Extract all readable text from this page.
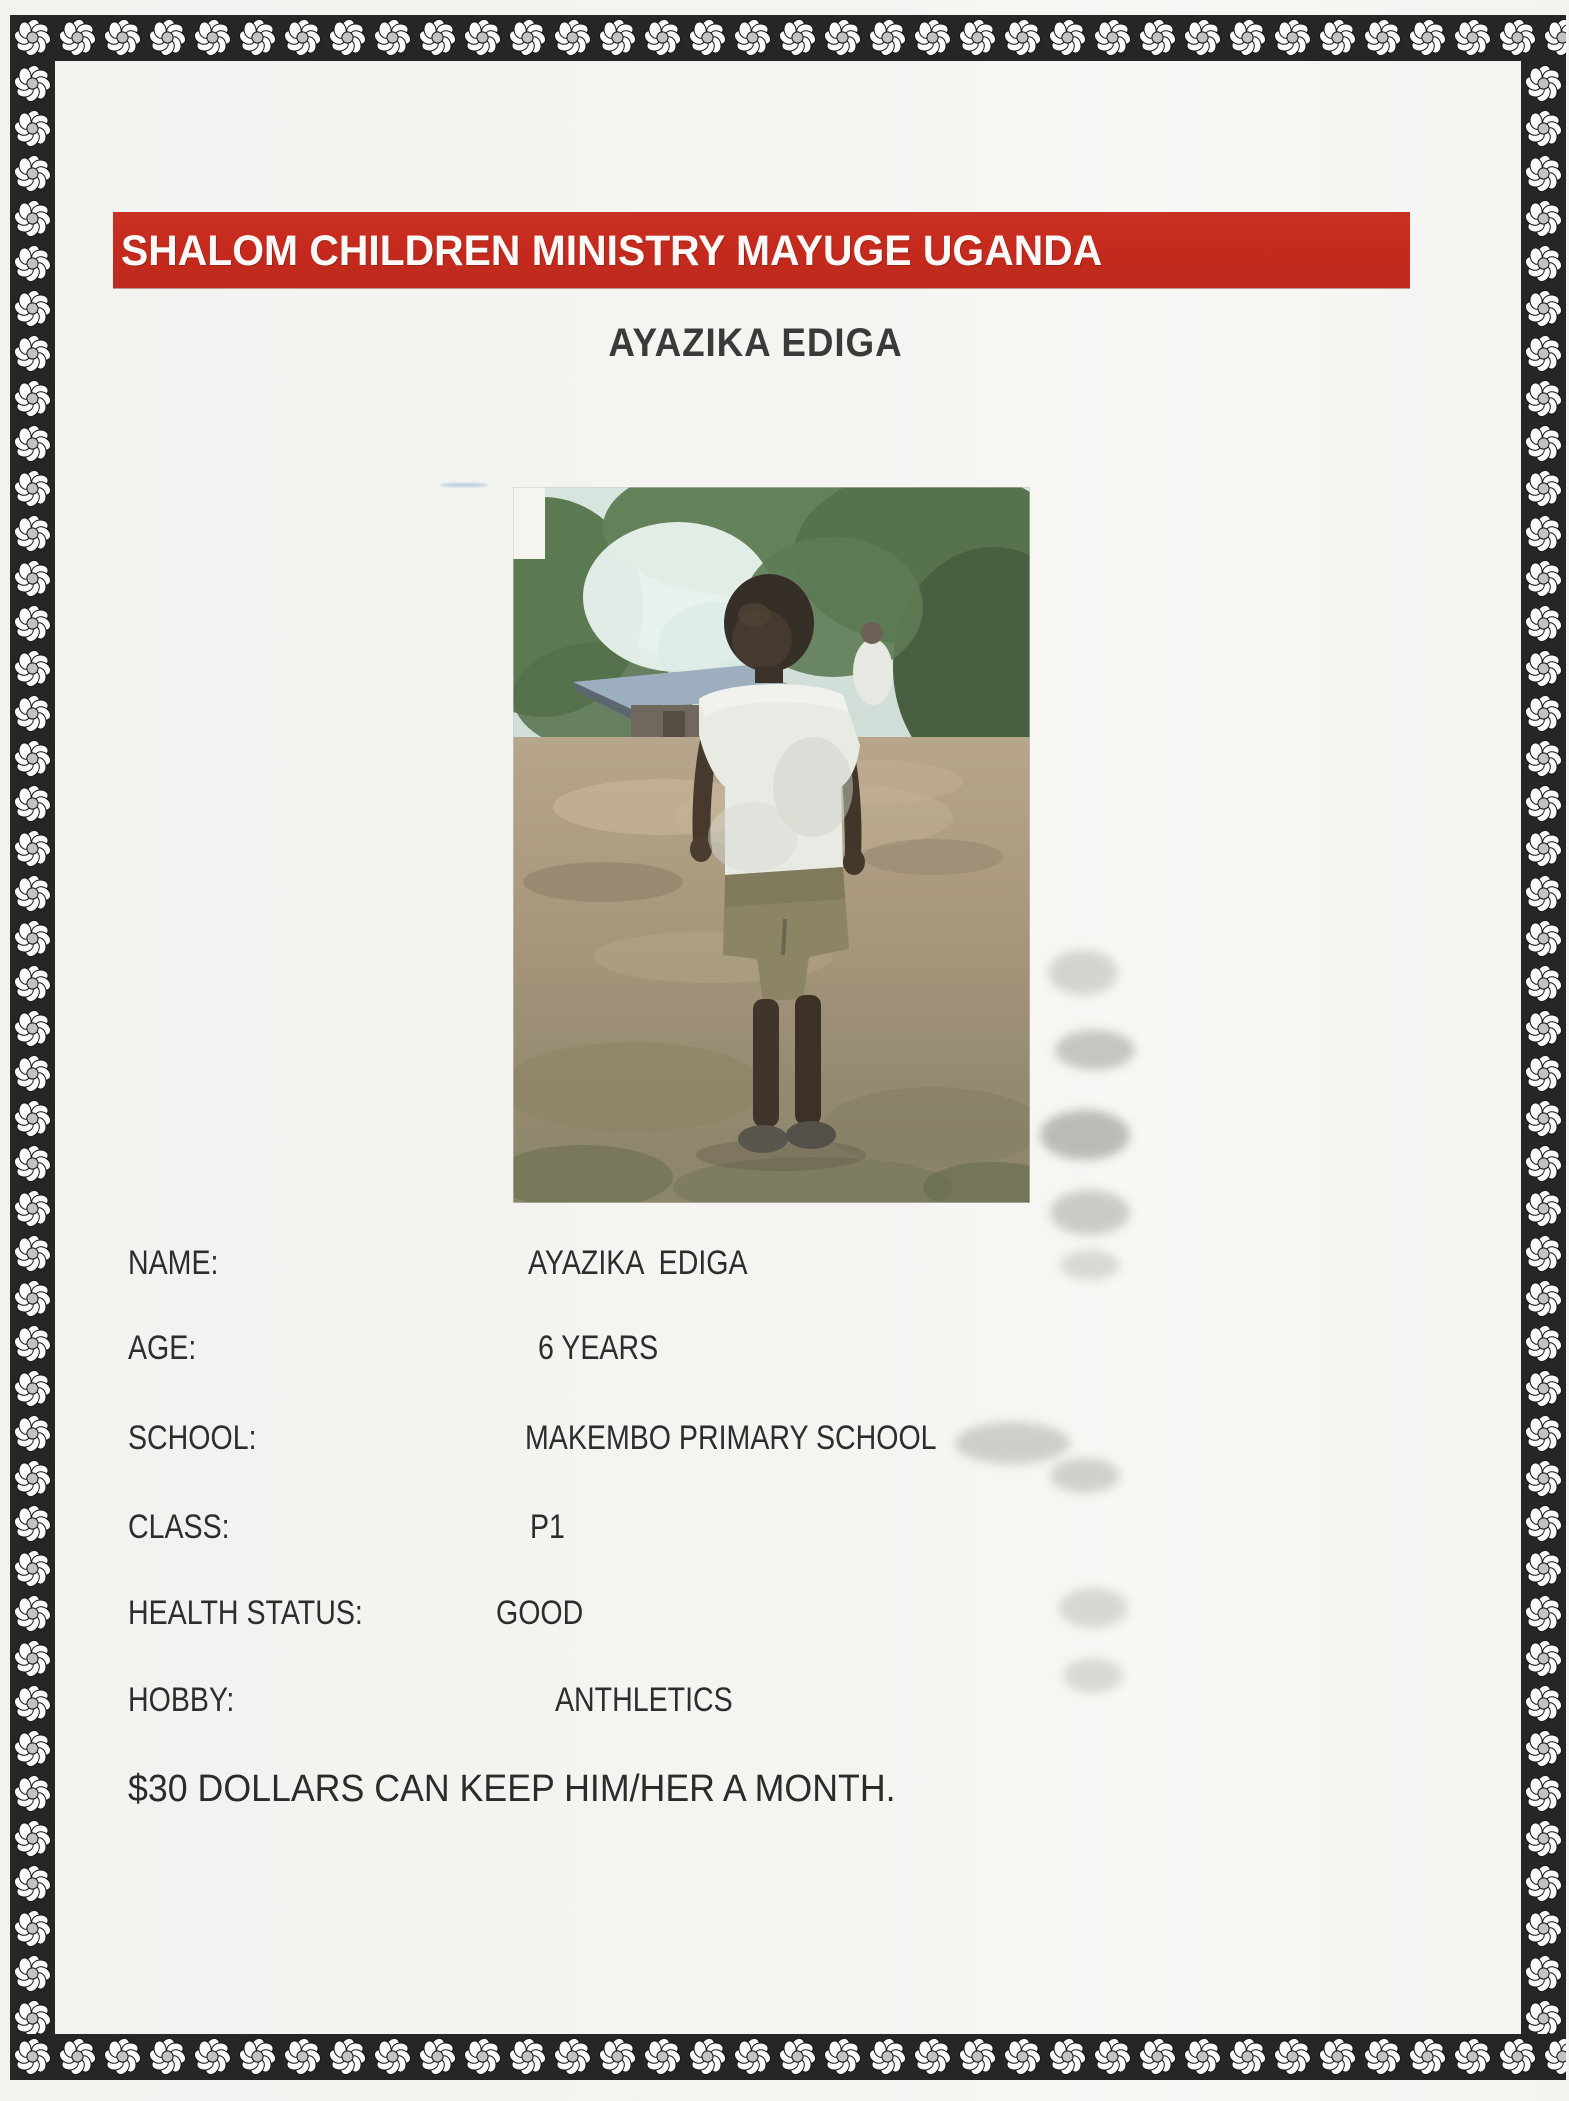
SHALOM CHILDREN MINISTRY MAYUGE UGANDA
AYAZIKA EDIGA
NAME:	AYAZIKA  EDIGA
AGE:	6 YEARS
SCHOOL:	MAKEMBO PRIMARY SCHOOL
CLASS:	P1
HEALTH STATUS:	GOOD
HOBBY:	ANTHLETICS
$30 DOLLARS CAN KEEP HIM/HER A MONTH.
